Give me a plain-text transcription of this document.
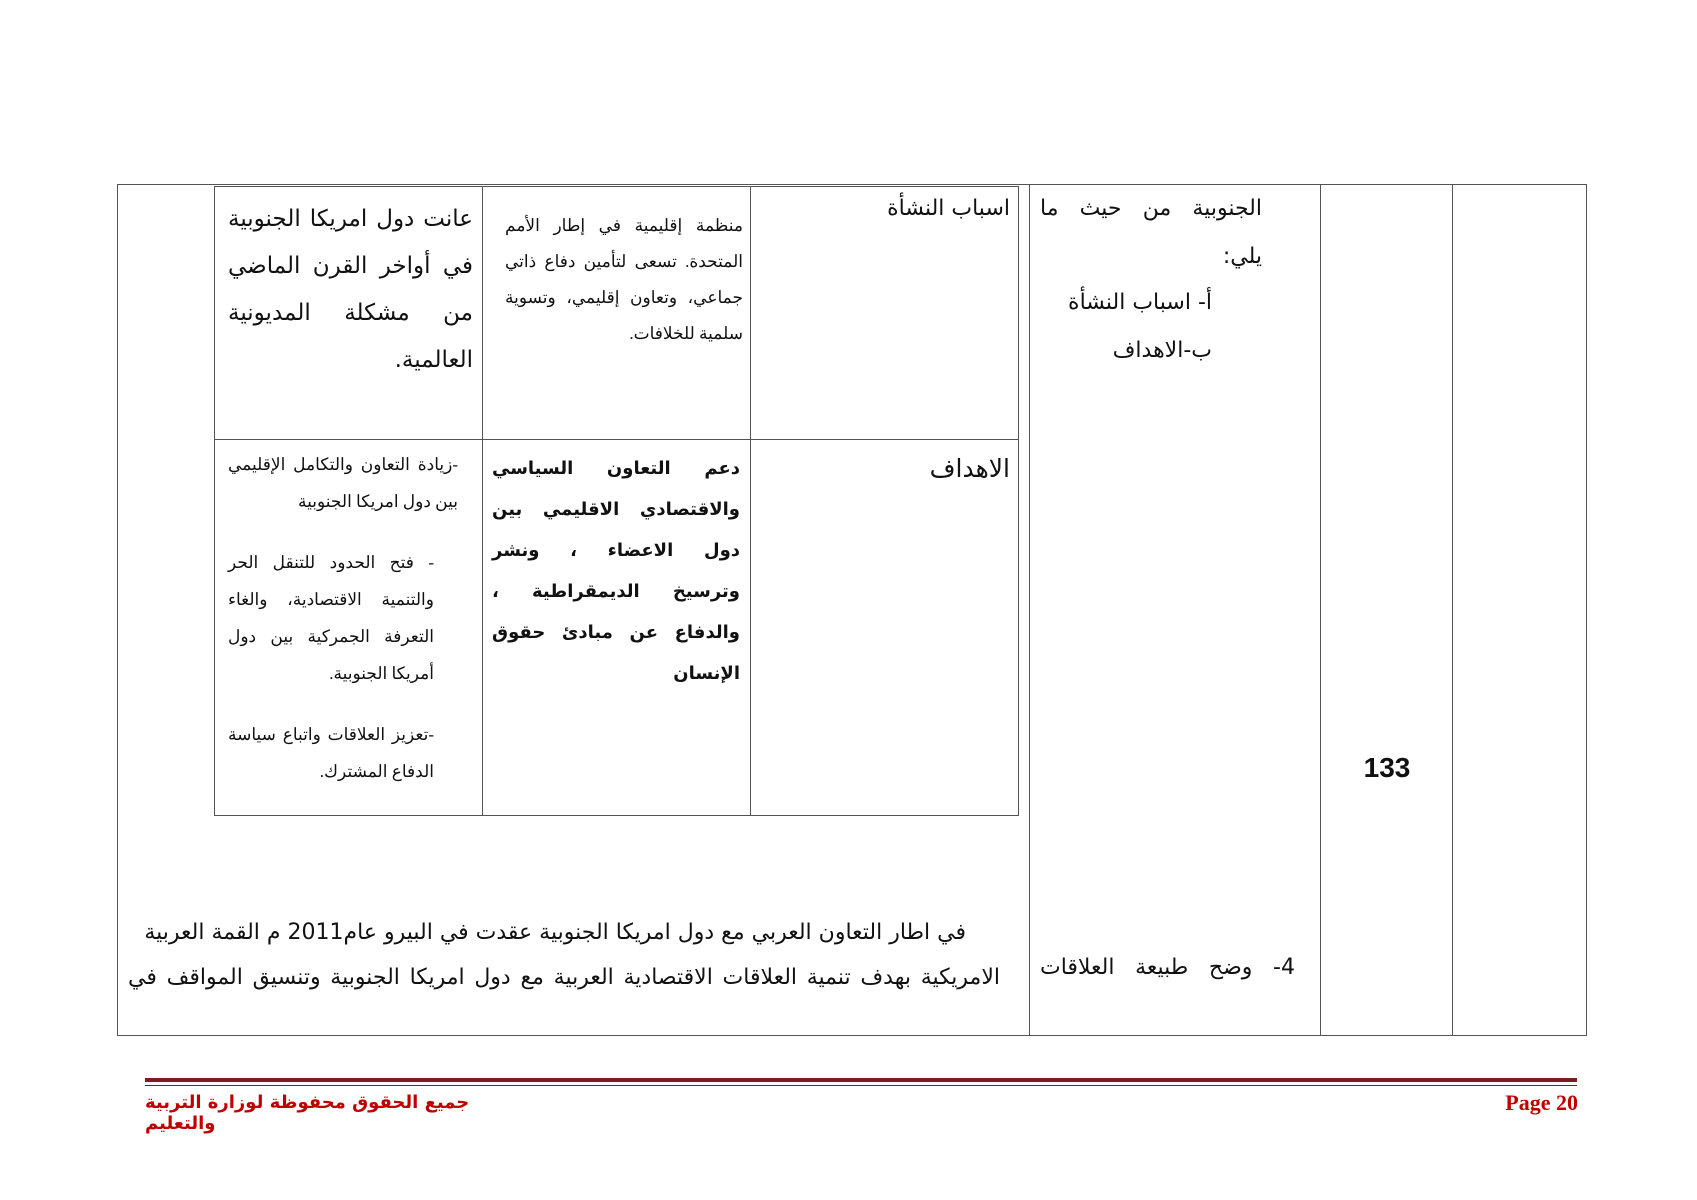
133
الجنوبية من حيث ما
يلي:
أ- اسباب النشأة
ب-الاهداف
4- وضح طبيعة العلاقات
اسباب النشأة
منظمة إقليمية في إطار الأمم المتحدة. تسعى لتأمين دفاع ذاتي جماعي، وتعاون إقليمي، وتسوية سلمية للخلافات.
عانت دول امريكا الجنوبية في أواخر القرن الماضي من مشكلة المديونية العالمية.
الاهداف
دعم التعاون السياسي والاقتصادي الاقليمي بين دول الاعضاء ، ونشر وترسيخ الديمقراطية ، والدفاع عن مبادئ حقوق الإنسان
-زيادة التعاون والتكامل الإقليمي بين دول امريكا الجنوبية
- فتح الحدود للتنقل الحر والتنمية الاقتصادية، والغاء التعرفة الجمركية بين دول أمريكا الجنوبية.
-تعزيز العلاقات واتباع سياسة الدفاع المشترك.
في اطار التعاون العربي مع دول امريكا الجنوبية عقدت في البيرو عام2011 م القمة العربية
الامريكية بهدف تنمية العلاقات الاقتصادية العربية مع دول امريكا الجنوبية وتنسيق المواقف في
Page 20
جميع الحقوق محفوظة لوزارة التربية والتعليم
